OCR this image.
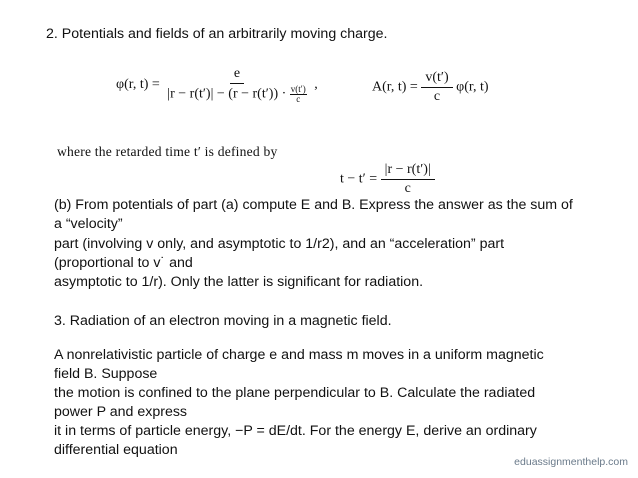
2. Potentials and fields of an arbitrarily moving charge.
φ(r, $t) = \frac{e}{|r - r(t')| - (r - r(t')) \cdot \frac{v(t')}{c}}$ ,	A(r, $t) = \frac{v(t')}{c} \varphi(r$, t)
where the retarded time t′ is defined by
$t - t' = \frac{|r - r(t')|}{c}$
(b) From potentials of part (a) compute E and B. Express the answer as the sum of
a “velocity”
part (involving v only, and asymptotic to 1/r2), and an “acceleration” part
(proportional to v˙ and
asymptotic to 1/r). Only the latter is significant for radiation.
3. Radiation of an electron moving in a magnetic field.
A nonrelativistic particle of charge e and mass m moves in a uniform magnetic
field B. Suppose
the motion is confined to the plane perpendicular to B. Calculate the radiated
power P and express
it in terms of particle energy, −P = dE/dt. For the energy E, derive an ordinary
differential equation
eduassignmenthelp.com
